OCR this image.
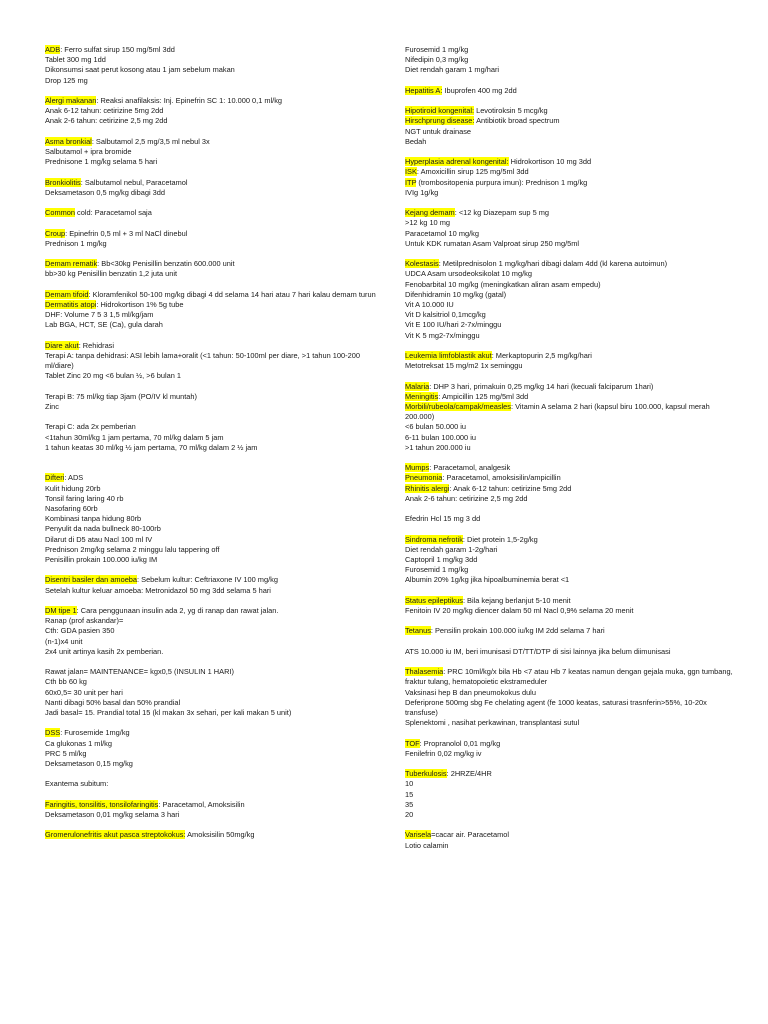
ADB: Ferro sulfat sirup 150 mg/5ml 3dd
Tablet 300 mg 1dd
Dikonsumsi saat perut kosong atau 1 jam sebelum makan
Drop 125 mg
Alergi makanan: Reaksi anafilaksis: Inj. Epinefrin SC 1: 10.000 0,1 ml/kg
Anak 6-12 tahun: cetirizine 5mg 2dd
Anak 2-6 tahun: cetirizine 2,5 mg 2dd
Asma bronkial: Salbutamol 2,5 mg/3,5 ml nebul 3x
Salbutamol + ipra bromide
Prednisone 1 mg/kg selama 5 hari
Bronkiolitis: Salbutamol nebul, Paracetamol
Deksametason 0,5 mg/kg dibagi 3dd
Common cold: Paracetamol saja
Croup: Epinefrin 0,5 ml + 3 ml NaCl dinebul
Prednison 1 mg/kg
Demam rematik: Bb<30kg Penisillin benzatin 600.000 unit
bb>30 kg Penisillin benzatin 1,2 juta unit
Demam tifoid: Kloramfenikol 50-100 mg/kg dibagi 4 dd selama 14 hari atau 7 hari kalau demam turun
Dermatitis atopi: Hidrokortison 1% 5g tube
DHF: Volume 7 5 3 1,5 ml/kg/jam
Lab BGA, HCT, SE (Ca), gula darah
Diare akut: Rehidrasi
Terapi A: tanpa dehidrasi: ASI lebih lama+oralit (<1 tahun: 50-100ml per diare, >1 tahun 100-200 ml/diare)
Tablet Zinc 20 mg <6 bulan ½, >6 bulan 1
Terapi B: 75 ml/kg tiap 3jam (PO/IV kl muntah)
Zinc
Terapi C: ada 2x pemberian
<1tahun 30ml/kg 1 jam pertama, 70 ml/kg dalam 5 jam
1 tahun keatas 30 ml/kg ½ jam pertama, 70 ml/kg dalam 2 ½ jam
Difteri: ADS
Kulit hidung 20rb
Tonsil faring laring 40 rb
Nasofaring 60rb
Kombinasi tanpa hidung 80rb
Penyulit da nada bullneck 80-100rb
Dilarut di D5 atau Nacl 100 ml IV
Prednison 2mg/kg selama 2 minggu lalu tappering off
Penisillin prokain 100.000 iu/kg IM
Disentri basiler dan amoeba: Sebelum kultur: Ceftriaxone IV 100 mg/kg
Setelah kultur keluar amoeba: Metronidazol 50 mg 3dd selama 5 hari
DM tipe 1: Cara penggunaan insulin ada 2, yg di ranap dan rawat jalan.
Ranap (prof askandar)=
Cth: GDA pasien 350
(n-1)x4 unit
2x4 unit artinya kasih 2x pemberian.
Rawat jalan= MAINTENANCE= kgx0,5 (INSULIN 1 HARI)
Cth bb 60 kg
60x0,5= 30 unit per hari
Nanti dibagi 50% basal dan 50% prandial
Jadi basal= 15. Prandial total 15 (kl makan 3x sehari, per kali makan 5 unit)
DSS: Furosemide 1mg/kg
Ca glukonas 1 ml/kg
PRC 5 ml/kg
Deksametason 0,15 mg/kg
Exantema subitum:
Faringitis, tonsilitis, tonsilofaringitis: Paracetamol, Amoksisilin
Deksametason 0,01 mg/kg selama 3 hari
Gromerulonefritis akut pasca streptokokus: Amoksisilin 50mg/kg
Furosemid 1 mg/kg
Nifedipin 0,3 mg/kg
Diet rendah garam 1 mg/hari
Hepatitis A: Ibuprofen 400 mg 2dd
Hipotiroid kongenital: Levotiroksin 5 mcg/kg
Hirschprung disease: Antibiotik broad spectrum
NGT untuk drainase
Bedah
Hyperplasia adrenal kongenital: Hidrokortison 10 mg 3dd
ISK: Amoxicillin sirup 125 mg/5ml 3dd
ITP (trombositopenia purpura imun): Prednison 1 mg/kg
IVIg 1g/kg
Kejang demam: <12 kg Diazepam sup 5 mg
>12 kg 10 mg
Paracetamol 10 mg/kg
Untuk KDK rumatan Asam Valproat sirup 250 mg/5ml
Kolestasis: Metilprednisolon 1 mg/kg/hari dibagi dalam 4dd (kl karena autoimun)
UDCA Asam ursodeoksikolat 10 mg/kg
Fenobarbital 10 mg/kg (meningkatkan aliran asam empedu)
Difenhidramin 10 mg/kg (gatal)
Vit A 10.000 IU
Vit D kalsitriol 0,1mcg/kg
Vit E 100 IU/hari 2-7x/minggu
Vit K 5 mg2-7x/minggu
Leukemia limfoblastik akut: Merkaptopurin 2,5 mg/kg/hari
Metotreksat 15 mg/m2 1x seminggu
Malaria: DHP 3 hari, primakuin 0,25 mg/kg 14 hari (kecuali falciparum 1hari)
Meningitis: Ampicillin 125 mg/5ml 3dd
Morbili/rubeola/campak/measles: Vitamin A selama 2 hari (kapsul biru 100.000, kapsul merah 200.000)
<6 bulan 50.000 iu
6-11 bulan 100.000 iu
>1 tahun 200.000 iu
Mumps: Paracetamol, analgesik
Pneumonia: Paracetamol, amoksisilin/ampicillin
Rhinitis alergi: Anak 6-12 tahun: cetirizine 5mg 2dd
Anak 2-6 tahun: cetirizine 2,5 mg 2dd
Efedrin Hcl 15 mg 3 dd
Sindroma nefrotik: Diet protein 1,5-2g/kg
Diet rendah garam 1-2g/hari
Captopril 1 mg/kg 3dd
Furosemid 1 mg/kg
Albumin 20% 1g/kg jika hipoalbuminemia berat <1
Status epileptikus: Bila kejang berlanjut 5-10 menit
Fenitoin IV 20 mg/kg diencer dalam 50 ml Nacl 0,9% selama 20 menit
Tetanus: Pensilin prokain 100.000 iu/kg IM 2dd selama 7 hari
ATS 10.000 iu IM, beri imunisasi DT/TT/DTP di sisi lainnya jika belum diimunisasi
Thalasemia: PRC 10ml/kg/x bila Hb <7 atau Hb 7 keatas namun dengan gejala muka, ggn tumbang, fraktur tulang, hematopoietic ekstrameduler
Vaksinasi hep B dan pneumokokus dulu
Deferiprone 500mg sbg Fe chelating agent (fe 1000 keatas, saturasi trasnferin>55%, 10-20x transfuse)
Splenektomi , nasihat perkawinan, transplantasi sutul
TOF: Propranolol 0,01 mg/kg
Fenilefrin 0,02 mg/kg iv
Tuberkulosis: 2HRZE/4HR
10
15
35
20
Varisela=cacar air. Paracetamol
Lotio calamin
